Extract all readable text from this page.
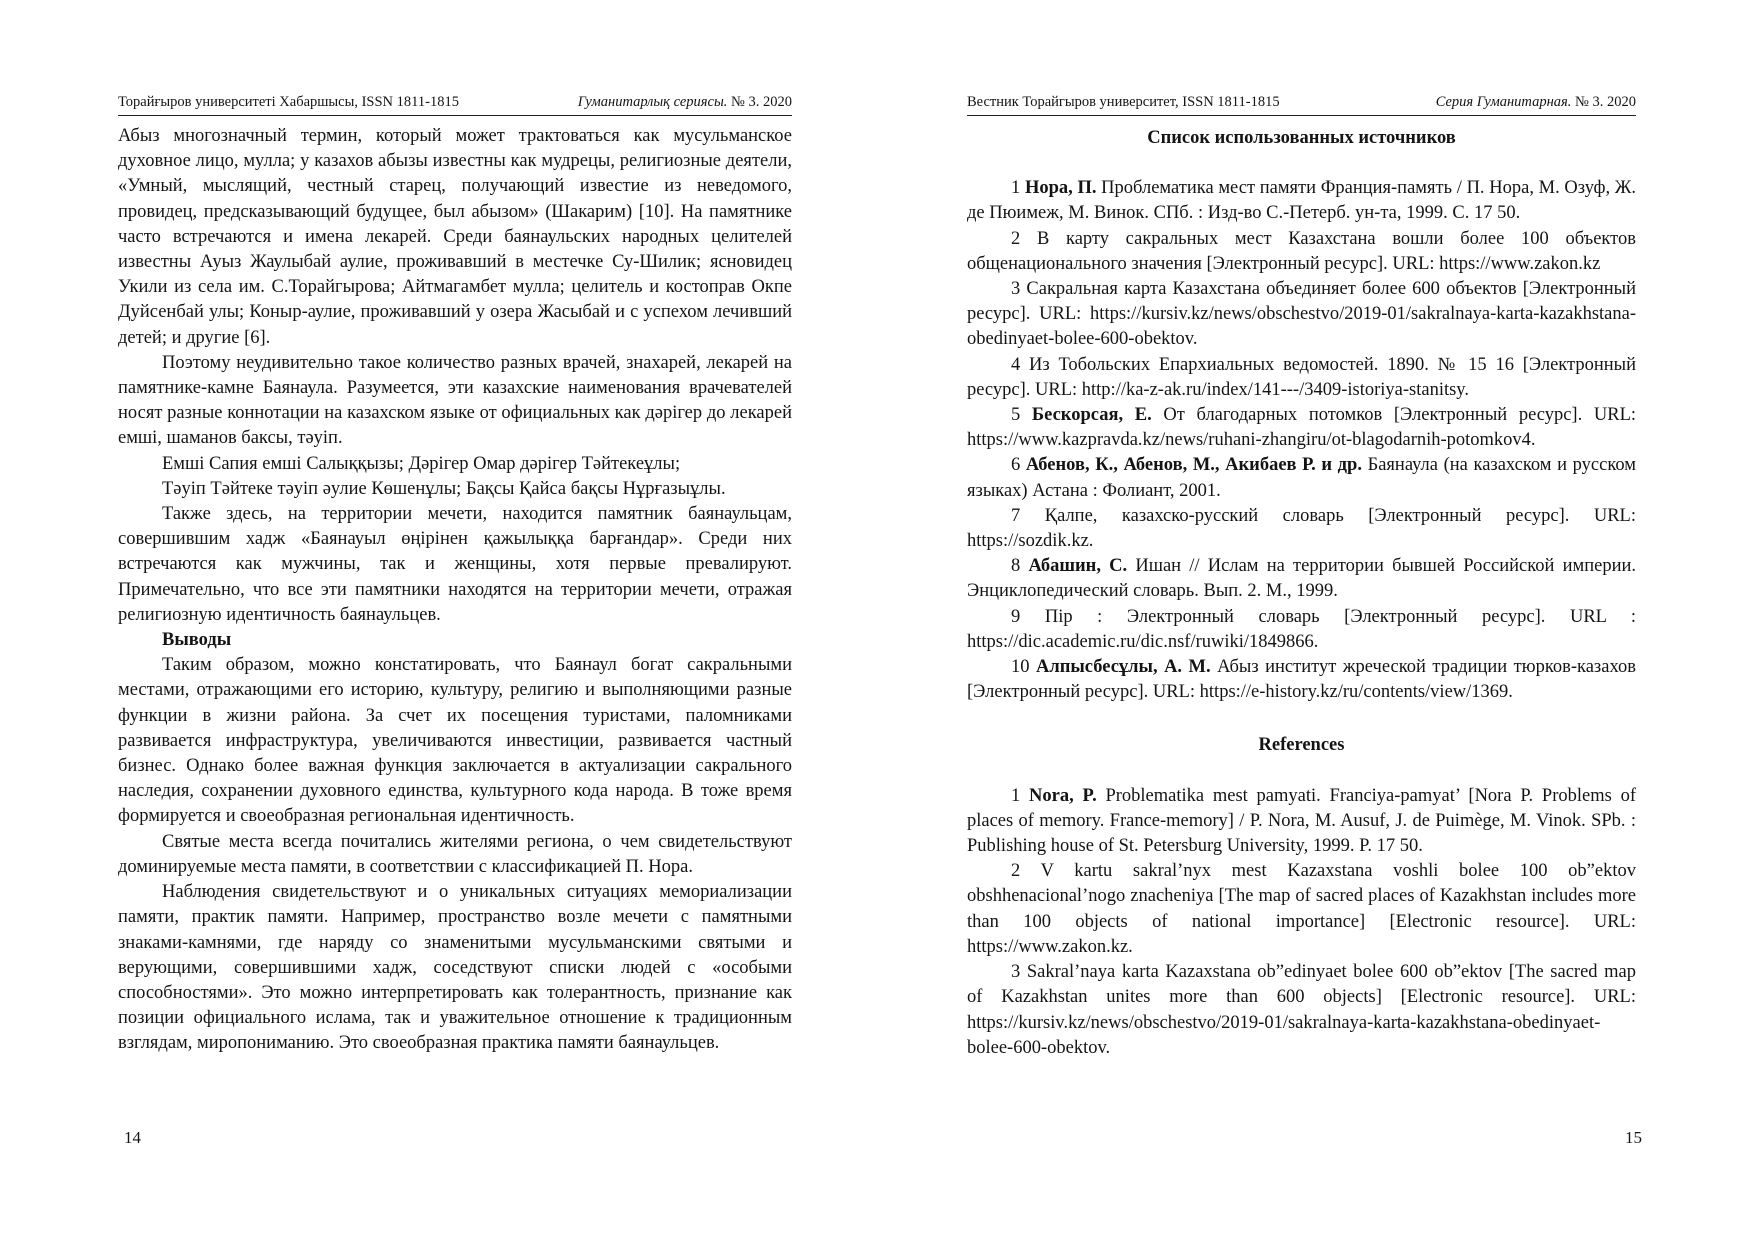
Торайғыров университеті Хабаршысы, ISSN 1811-1815	Гуманитарлық сериясы. № 3. 2020

Абыз многозначный термин, который может трактоваться как мусульманское духовное лицо, мулла; у казахов абызы известны как мудрецы, религиозные деятели, «Умный, мыслящий, честный старец, получающий известие из неведомого, провидец, предсказывающий будущее, был абызом» (Шакарим) [10]. На памятнике часто встречаются и имена лекарей. Среди баянаульских народных целителей известны Ауыз Жаулыбай аулие, проживавший в местечке Су-Шилик; ясновидец Укили из села им. С.Торайгырова; Айтмагамбет мулла; целитель и костоправ Окпе Дуйсенбай улы; Коныр-аулие, проживавший у озера Жасыбай и с успехом лечивший детей; и другие [6].

Поэтому неудивительно такое количество разных врачей, знахарей, лекарей на памятнике-камне Баянаула. Разумеется, эти казахские наименования врачевателей носят разные коннотации на казахском языке от официальных как дәрігер до лекарей емші, шаманов баксы, тәуіп.

Емші Сапия емші Салыққызы; Дәрігер Омар дәрігер Тәйтекеұлы;

Тәуіп Тәйтеке тәуіп әулие Көшенұлы; Бақсы Қайса бақсы Нұрғазыұлы.

Также здесь, на территории мечети, находится памятник баянаульцам, совершившим хадж «Баянауыл өңірінен қажылыққа барғандар». Среди них встречаются как мужчины, так и женщины, хотя первые превалируют. Примечательно, что все эти памятники находятся на территории мечети, отражая религиозную идентичность баянаульцев.

Выводы

Таким образом, можно констатировать, что Баянаул богат сакральными местами, отражающими его историю, культуру, религию и выполняющими разные функции в жизни района. За счет их посещения туристами, паломниками развивается инфраструктура, увеличиваются инвестиции, развивается частный бизнес. Однако более важная функция заключается в актуализации сакрального наследия, сохранении духовного единства, культурного кода народа. В тоже время формируется и своеобразная региональная идентичность.

Святые места всегда почитались жителями региона, о чем свидетельствуют доминируемые места памяти, в соответствии с классификацией П. Нора.

Наблюдения свидетельствуют и о уникальных ситуациях мемориализации памяти, практик памяти. Например, пространство возле мечети с памятными знаками-камнями, где наряду со знаменитыми мусульманскими святыми и верующими, совершившими хадж, соседствуют списки людей с «особыми способностями». Это можно интерпретировать как толерантность, признание как позиции официального ислама, так и уважительное отношение к традиционным взглядам, миропониманию. Это своеобразная практика памяти баянаульцев.

14
Вестник Торайгыров университет, ISSN 1811-1815	Серия Гуманитарная. № 3. 2020

Список использованных источников

1 Нора, П. Проблематика мест памяти Франция-память / П. Нора, М. Озуф, Ж. де Пюимеж, М. Винок. СПб. : Изд-во С.-Петерб. ун-та, 1999. С. 17 50.

2 В карту сакральных мест Казахстана вошли более 100 объектов общенационального значения [Электронный ресурс]. URL: https://www.zakon.kz

3 Сакральная карта Казахстана объединяет более 600 объектов [Электронный ресурс]. URL: https://kursiv.kz/news/obschestvo/2019-01/sakralnaya-karta-kazakhstana-obedinyaet-bolee-600-obektov.

4 Из Тобольских Епархиальных ведомостей. 1890. № 15 16 [Электронный ресурс]. URL: http://ka-z-ak.ru/index/141---/3409-istoriya-stanitsy.

5 Бескорсая, Е. От благодарных потомков [Электронный ресурс]. URL: https://www.kazpravda.kz/news/ruhani-zhangiru/ot-blagodarnih-potomkov4.

6 Абенов, К., Абенов, М., Акибаев Р. и др. Баянаула (на казахском и русском языках) Астана : Фолиант, 2001.

7 Қалпе, казахско-русский словарь [Электронный ресурс]. URL: https://sozdik.kz.

8 Абашин, С. Ишан // Ислам на территории бывшей Российской империи. Энциклопедический словарь. Вып. 2. М., 1999.

9 Пір : Электронный словарь [Электронный ресурс]. URL : https://dic.academic.ru/dic.nsf/ruwiki/1849866.

10 Алпысбесұлы, А. М. Абыз институт жреческой традиции тюрков-казахов [Электронный ресурс]. URL: https://e-history.kz/ru/contents/view/1369.

References

1 Nora, P. Problematika mest pamyati. Franciya-pamyat’ [Nora P. Problems of places of memory. France-memory] / P. Nora, M. Ausuf, J. de Puimège, M. Vinok. SPb. : Publishing house of St. Petersburg University, 1999. P. 17 50.

2 V kartu sakral’nyx mest Kazaxstana voshli bolee 100 ob”ektov obshhenacional’nogo znacheniya [The map of sacred places of Kazakhstan includes more than 100 objects of national importance] [Electronic resource]. URL: https://www.zakon.kz.

3 Sakral’naya karta Kazaxstana ob”edinyaet bolee 600 ob”ektov [The sacred map of Kazakhstan unites more than 600 objects] [Electronic resource]. URL: https://kursiv.kz/news/obschestvo/2019-01/sakralnaya-karta-kazakhstana-obedinyaet-bolee-600-obektov.

15
